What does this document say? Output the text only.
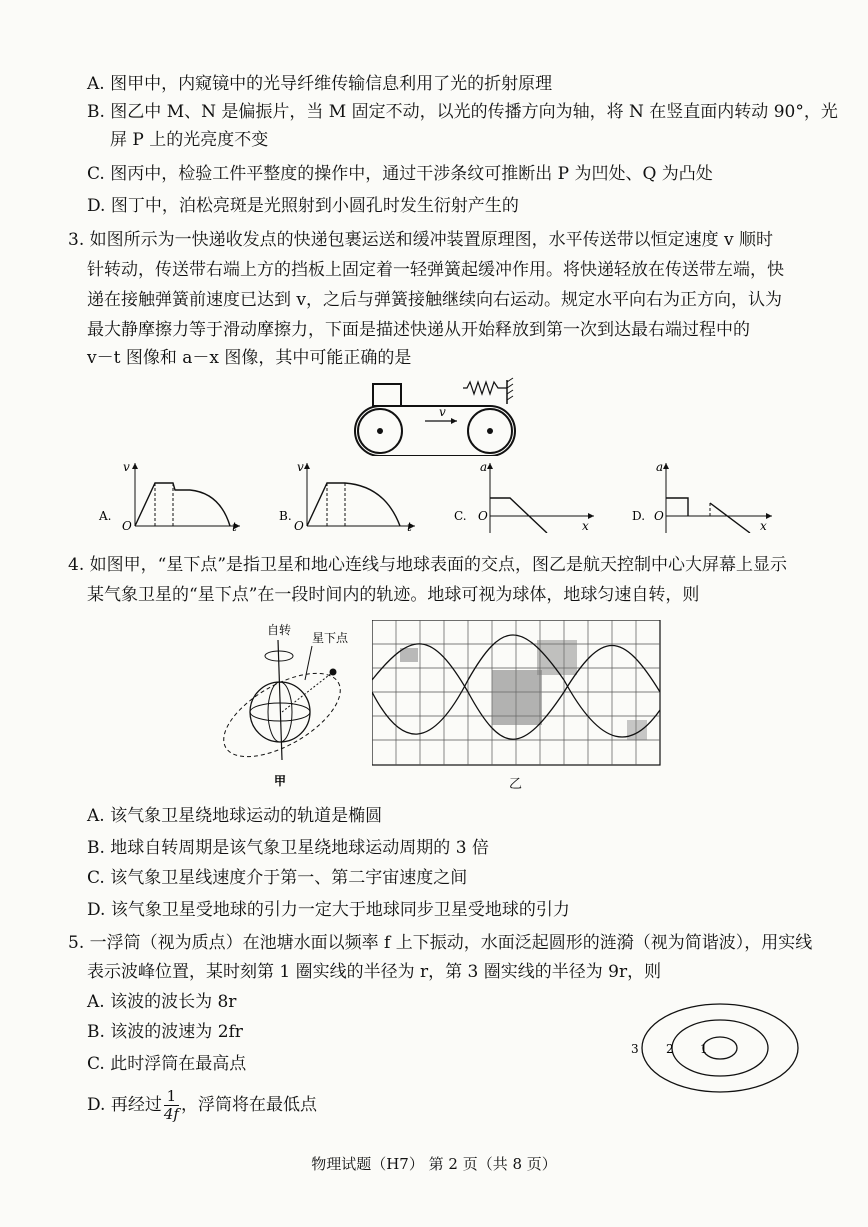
A. 图甲中，内窥镜中的光导纤维传输信息利用了光的折射原理
B. 图乙中 M、N 是偏振片，当 M 固定不动，以光的传播方向为轴，将 N 在竖直面内转动 90°，光
屏 P 上的光亮度不变
C. 图丙中，检验工件平整度的操作中，通过干涉条纹可推断出 P 为凹处、Q 为凸处
D. 图丁中，泊松亮斑是光照射到小圆孔时发生衍射产生的
3. 如图所示为一快递收发点的快递包裹运送和缓冲装置原理图，水平传送带以恒定速度 v 顺时
针转动，传送带右端上方的挡板上固定着一轻弹簧起缓冲作用。将快递轻放在传送带左端，快
递在接触弹簧前速度已达到 v，之后与弹簧接触继续向右运动。规定水平向右为正方向，认为
最大静摩擦力等于滑动摩擦力，下面是描述快递从开始释放到第一次到达最右端过程中的
v－t 图像和 a－x 图像，其中可能正确的是
v
A.
v
t
O
B.
v
t
O
C.
a
x
O	D.
a
x
O
4. 如图甲，“星下点”是指卫星和地心连线与地球表面的交点，图乙是航天控制中心大屏幕上显示
某气象卫星的“星下点”在一段时间内的轨迹。地球可视为球体，地球匀速自转，则
自转
星下点
甲	乙
A. 该气象卫星绕地球运动的轨道是椭圆
B. 地球自转周期是该气象卫星绕地球运动周期的 3 倍
C. 该气象卫星线速度介于第一、第二宇宙速度之间
D. 该气象卫星受地球的引力一定大于地球同步卫星受地球的引力
5. 一浮筒（视为质点）在池塘水面以频率 f 上下振动，水面泛起圆形的涟漪（视为简谐波），用实线
表示波峰位置，某时刻第 1 圈实线的半径为 r，第 3 圈实线的半径为 9r，则
A. 该波的波长为 8r
B. 该波的波速为 2fr
C. 此时浮筒在最高点
D. 再经过 $\frac{1}{4f}$ ，浮筒将在最低点
1
2
3
物理试题（H7） 第 2 页（共 8 页）
